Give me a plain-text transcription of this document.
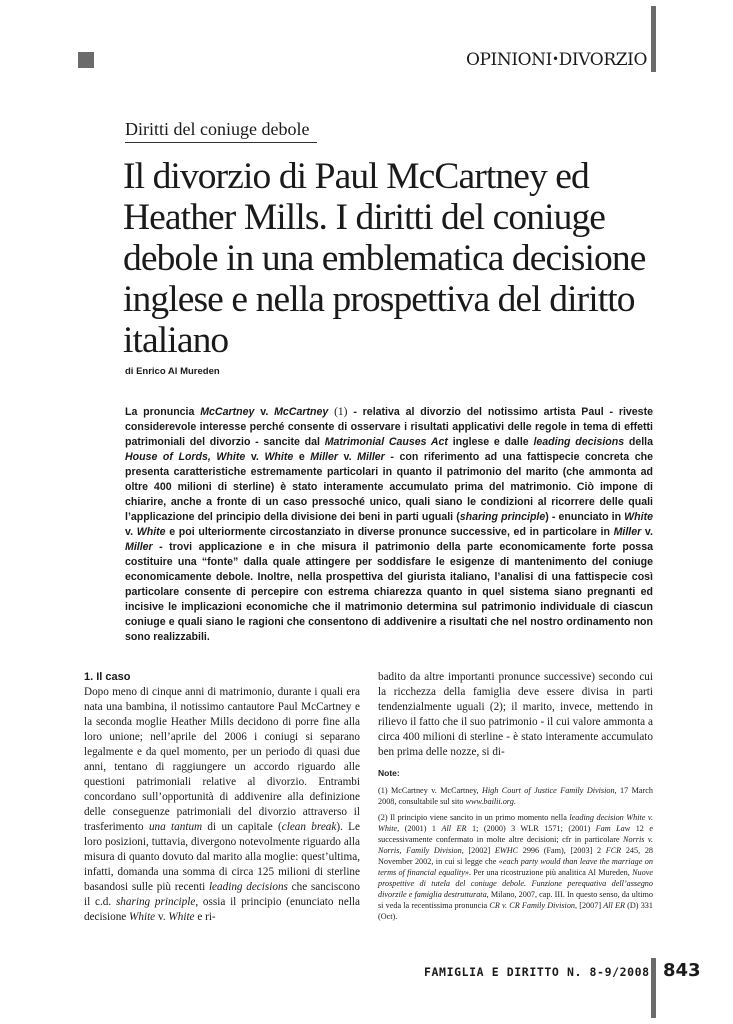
OPINIONI•DIVORZIO
Diritti del coniuge debole
Il divorzio di Paul McCartney ed Heather Mills. I diritti del coniuge debole in una emblematica decisione inglese e nella prospettiva del diritto italiano
di Enrico Al Mureden

La pronuncia McCartney v. McCartney (1) - relativa al divorzio del notissimo artista Paul - riveste considerevole interesse perché consente di osservare i risultati applicativi delle regole in tema di effetti patrimoniali del divorzio - sancite dal Matrimonial Causes Act inglese e dalle leading decisions della House of Lords, White v. White e Miller v. Miller - con riferimento ad una fattispecie concreta che presenta caratteristiche estremamente particolari in quanto il patrimonio del marito (che ammonta ad oltre 400 milioni di sterline) è stato interamente accumulato prima del matrimonio. Ciò impone di chiarire, anche a fronte di un caso pressoché unico, quali siano le condizioni al ricorrere delle quali l’applicazione del principio della divisione dei beni in parti uguali (sharing principle) - enunciato in White v. White e poi ulteriormente circostanziato in diverse pronunce successive, ed in particolare in Miller v. Miller - trovi applicazione e in che misura il patrimonio della parte economicamente forte possa costituire una “fonte” dalla quale attingere per soddisfare le esigenze di mantenimento del coniuge economicamente debole. Inoltre, nella prospettiva del giurista italiano, l’analisi di una fattispecie così particolare consente di percepire con estrema chiarezza quanto in quel sistema siano pregnanti ed incisive le implicazioni economiche che il matrimonio determina sul patrimonio individuale di ciascun coniuge e quali siano le ragioni che consentono di addivenire a risultati che nel nostro ordinamento non sono realizzabili.

1. Il caso

Dopo meno di cinque anni di matrimonio, durante i quali era nata una bambina, il notissimo cantautore Paul McCartney e la seconda moglie Heather Mills decidono di porre fine alla loro unione; nell’aprile del 2006 i coniugi si separano legalmente e da quel momento, per un periodo di quasi due anni, tentano di raggiungere un accordo riguardo alle questioni patrimoniali relative al divorzio. Entrambi concordano sull’opportunità di addivenire alla definizione delle conseguenze patrimoniali del divorzio attraverso il trasferimento una tantum di un capitale (clean break). Le loro posizioni, tuttavia, divergono notevolmente riguardo alla misura di quanto dovuto dal marito alla moglie: quest’ultima, infatti, domanda una somma di circa 125 milioni di sterline basandosi sulle più recenti leading decisions che sanciscono il c.d. sharing principle, ossia il principio (enunciato nella decisione White v. White e ri-

badito da altre importanti pronunce successive) secondo cui la ricchezza della famiglia deve essere divisa in parti tendenzialmente uguali (2); il marito, invece, mettendo in rilievo il fatto che il suo patrimonio - il cui valore ammonta a circa 400 milioni di sterline - è stato interamente accumulato ben prima delle nozze, si di-

Note:

(1) McCartney v. McCartney, High Court of Justice Family Division, 17 March 2008, consultabile sul sito www.bailii.org.

(2) Il principio viene sancito in un primo momento nella leading decision White v. White, (2001) 1 All ER 1; (2000) 3 WLR 1571; (2001) Fam Law 12 e successivamente confermato in molte altre decisioni; cfr in particolare Norris v. Norris, Family Division, [2002] EWHC 2996 (Fam), [2003] 2 FCR 245, 28 November 2002, in cui si legge che «each party would than leave the marriage on terms of financial equality». Per una ricostruzione più analitica Al Mureden, Nuove prospettive di tutela del coniuge debole. Funzione perequativa dell’assegno divorzile e famiglia destrutturata, Milano, 2007, cap. III. In questo senso, da ultimo si veda la recentissima pronuncia CR v. CR Family Division, [2007] All ER (D) 331 (Oct).

FAMIGLIA E DIRITTO N. 8-9/2008 843
